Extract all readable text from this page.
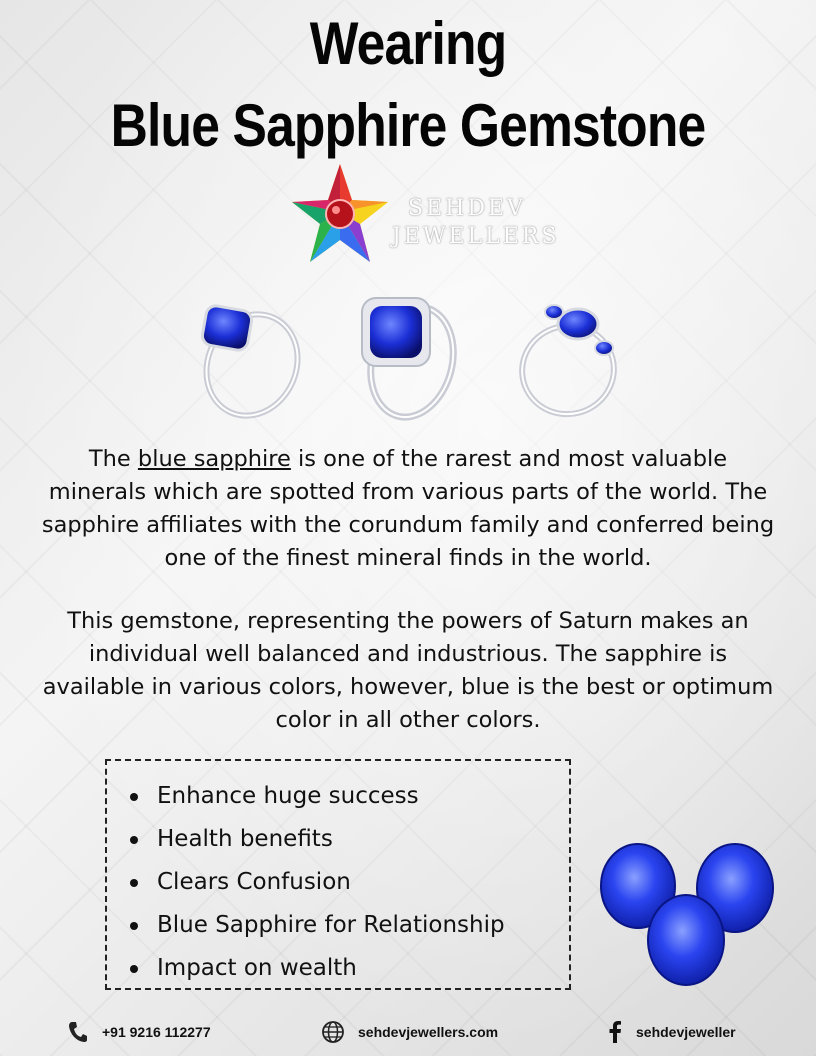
Wearing
Blue Sapphire Gemstone
SEHDEV
JEWELLERS
The blue sapphire is one of the rarest and most valuable minerals which are spotted from various parts of the world. The sapphire affiliates with the corundum family and conferred being one of the finest mineral finds in the world.
This gemstone, representing the powers of Saturn makes an individual well balanced and industrious. The sapphire is available in various colors, however, blue is the best or optimum color in all other colors.
Enhance huge success
Health benefits
Clears Confusion
Blue Sapphire for Relationship
Impact on wealth
+91 9216 112277	sehdevjewellers.com	sehdevjeweller
